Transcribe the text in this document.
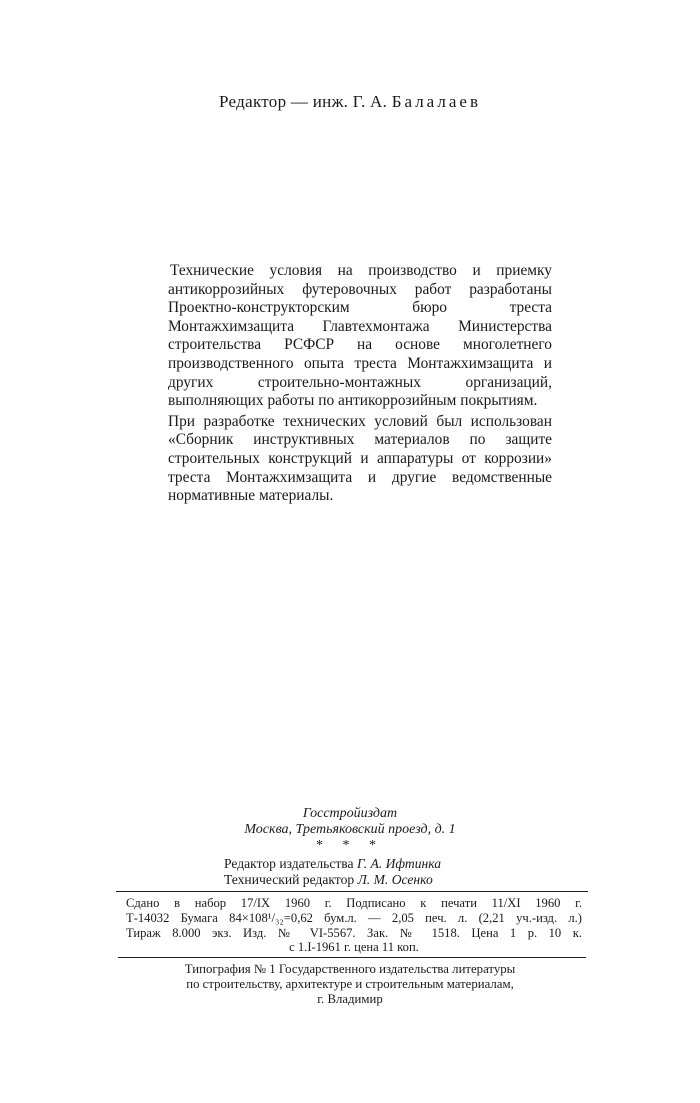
Редактор — инж. Г. А. Балалаев

Технические условия на производство и приемку антикоррозийных футеровочных работ разработаны Проектно-конструкторским бюро треста Монтажхимзащита Главтехмонтажа Министерства строительства РСФСР на основе многолетнего производственного опыта треста Монтажхимзащита и других строительно-монтажных организаций, выполняющих работы по антикоррозийным покрытиям.

При разработке технических условий был использован «Сборник инструктивных материалов по защите строительных конструкций и аппаратуры от коррозии» треста Монтажхимзащита и другие ведомственные нормативные материалы.

Госстройиздат
Москва, Третьяковский проезд, д. 1
* * *
Редактор издательства Г. А. Ифтинка
Технический редактор Л. М. Осенко
Сдано в набор 17/IX 1960 г. Подписано к печати 11/XI 1960 г.
Т-14032 Бумага 84×108¹/₃₂=0,62 бум.л. — 2,05 печ. л. (2,21 уч.-изд. л.)
Тираж 8.000 экз. Изд. № VI-5567. Зак. № 1518. Цена 1 р. 10 к.
с 1.I-1961 г. цена 11 коп.
Типография № 1 Государственного издательства литературы
по строительству, архитектуре и строительным материалам,
г. Владимир
